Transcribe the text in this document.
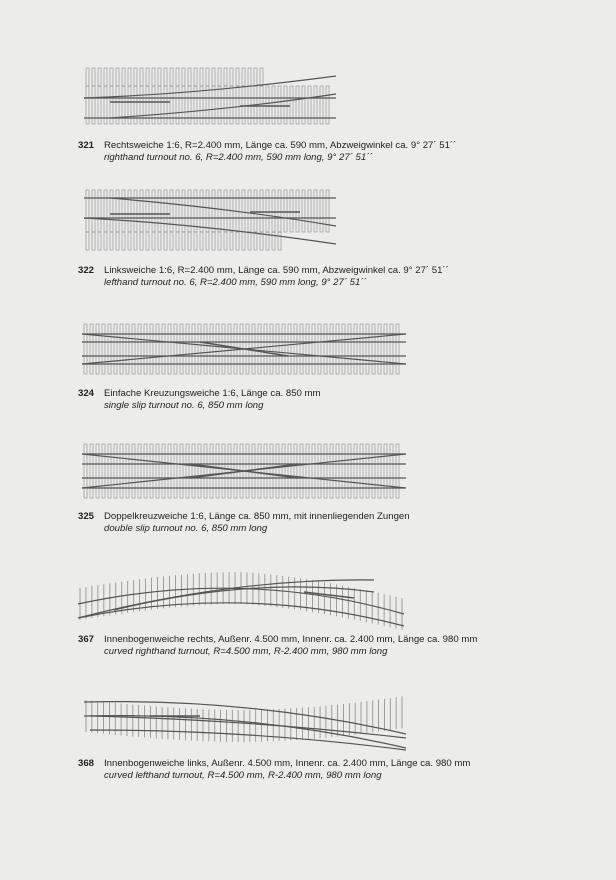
321 Rechtsweiche 1:6, R=2.400 mm, Länge ca. 590 mm, Abzweigwinkel ca. 9° 27´ 51´´
righthand turnout no. 6, R=2.400 mm, 590 mm long, 9° 27´ 51´´
322 Linksweiche 1:6, R=2.400 mm, Länge ca. 590 mm, Abzweigwinkel ca. 9° 27´ 51´´
lefthand turnout no. 6, R=2.400 mm, 590 mm long, 9° 27´ 51´´
324 Einfache Kreuzungsweiche 1:6, Länge ca. 850 mm
single slip turnout no. 6, 850 mm long
325 Doppelkreuzweiche 1:6, Länge ca. 850 mm, mit innenliegenden Zungen
double slip turnout no. 6, 850 mm long
367 Innenbogenweiche rechts, Außenr. 4.500 mm, Innenr. ca. 2.400 mm, Länge ca. 980 mm
curved righthand turnout, R=4.500 mm, R-2.400 mm, 980 mm long
368 Innenbogenweiche links, Außenr. 4.500 mm, Innenr. ca. 2.400 mm, Länge ca. 980 mm
curved lefthand turnout, R=4.500 mm, R-2.400 mm, 980 mm long
